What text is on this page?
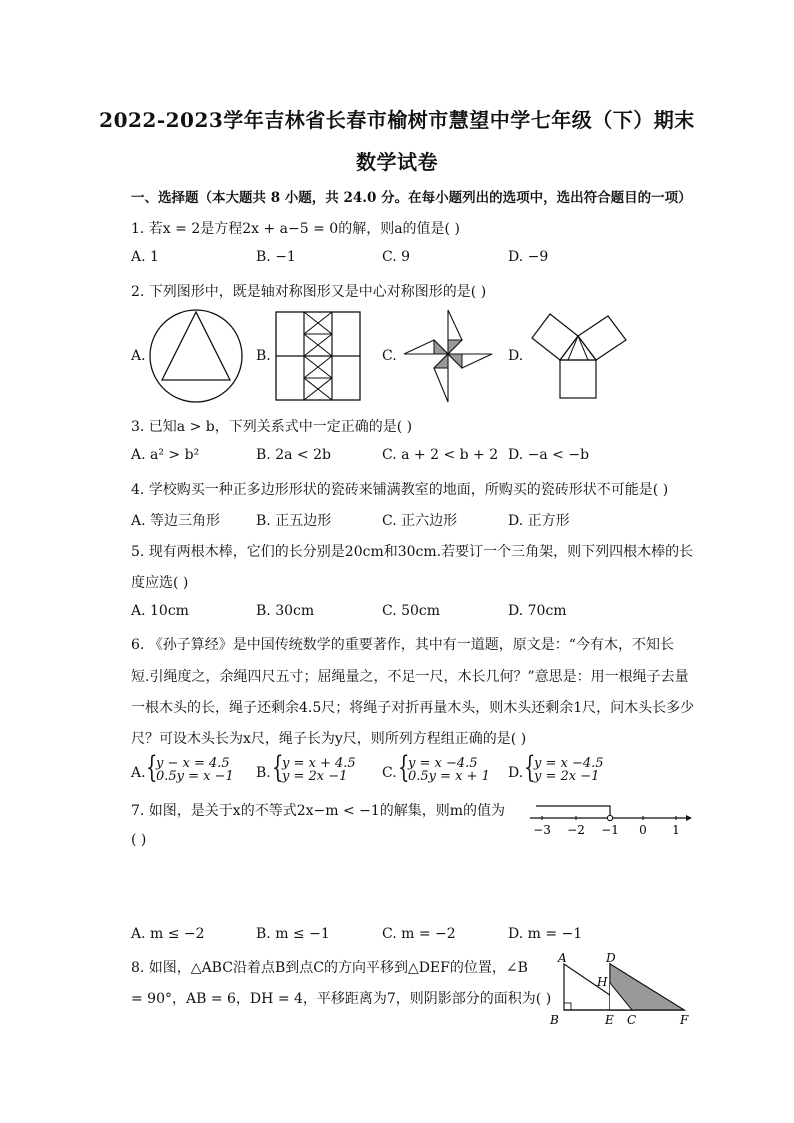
2022-2023学年吉林省长春市榆树市慧望中学七年级（下）期末
数学试卷
一、选择题（本大题共 8 小题，共 24.0 分。在每小题列出的选项中，选出符合题目的一项）
1. 若x = 2是方程2x + a−5 = 0的解，则a的值是( )
A. 1	B. −1	C. 9	D. −9
2. 下列图形中，既是轴对称图形又是中心对称图形的是( )
A.	B.	C.	D.
3. 已知a > b，下列关系式中一定正确的是( )
A. a² > b²	B. 2a < 2b	C. a + 2 < b + 2 D. −a < −b
4. 学校购买一种正多边形形状的瓷砖来铺满教室的地面，所购买的瓷砖形状不可能是( )
A. 等边三角形	B. 正五边形	C. 正六边形	D. 正方形
5. 现有两根木棒，它们的长分别是20cm和30cm.若要订一个三角架，则下列四根木棒的长
度应选( )
A. 10cm	B. 30cm	C. 50cm	D. 70cm
6. 《孙子算经》是中国传统数学的重要著作，其中有一道题，原文是：“今有木，不知长
短.引绳度之，余绳四尺五寸；屈绳量之，不足一尺，木长几何？”意思是：用一根绳子去量
一根木头的长，绳子还剩余4.5尺；将绳子对折再量木头，则木头还剩余1尺，问木头长多少
尺？可设木头长为x尺，绳子长为y尺，则所列方程组正确的是( )
A. {
y − x = 4.5
0.5y = x −1 B. {
y = x + 4.5
y = 2x −1	C. {
y = x −4.5
0.5y = x + 1 D. {
y = x −4.5
y = 2x −1
7. 如图，是关于x的不等式2x−m < −1的解集，则m的值为
( )
−3 −2 −1 0 1
A. m ≤ −2	B. m ≤ −1	C. m = −2	D. m = −1
8. 如图，△ABC沿着点B到点C的方向平移到△DEF的位置，∠B
= 90°，AB = 6，DH = 4，平移距离为7，则阴影部分的面积为( )
A	D
H
B	E C	F
